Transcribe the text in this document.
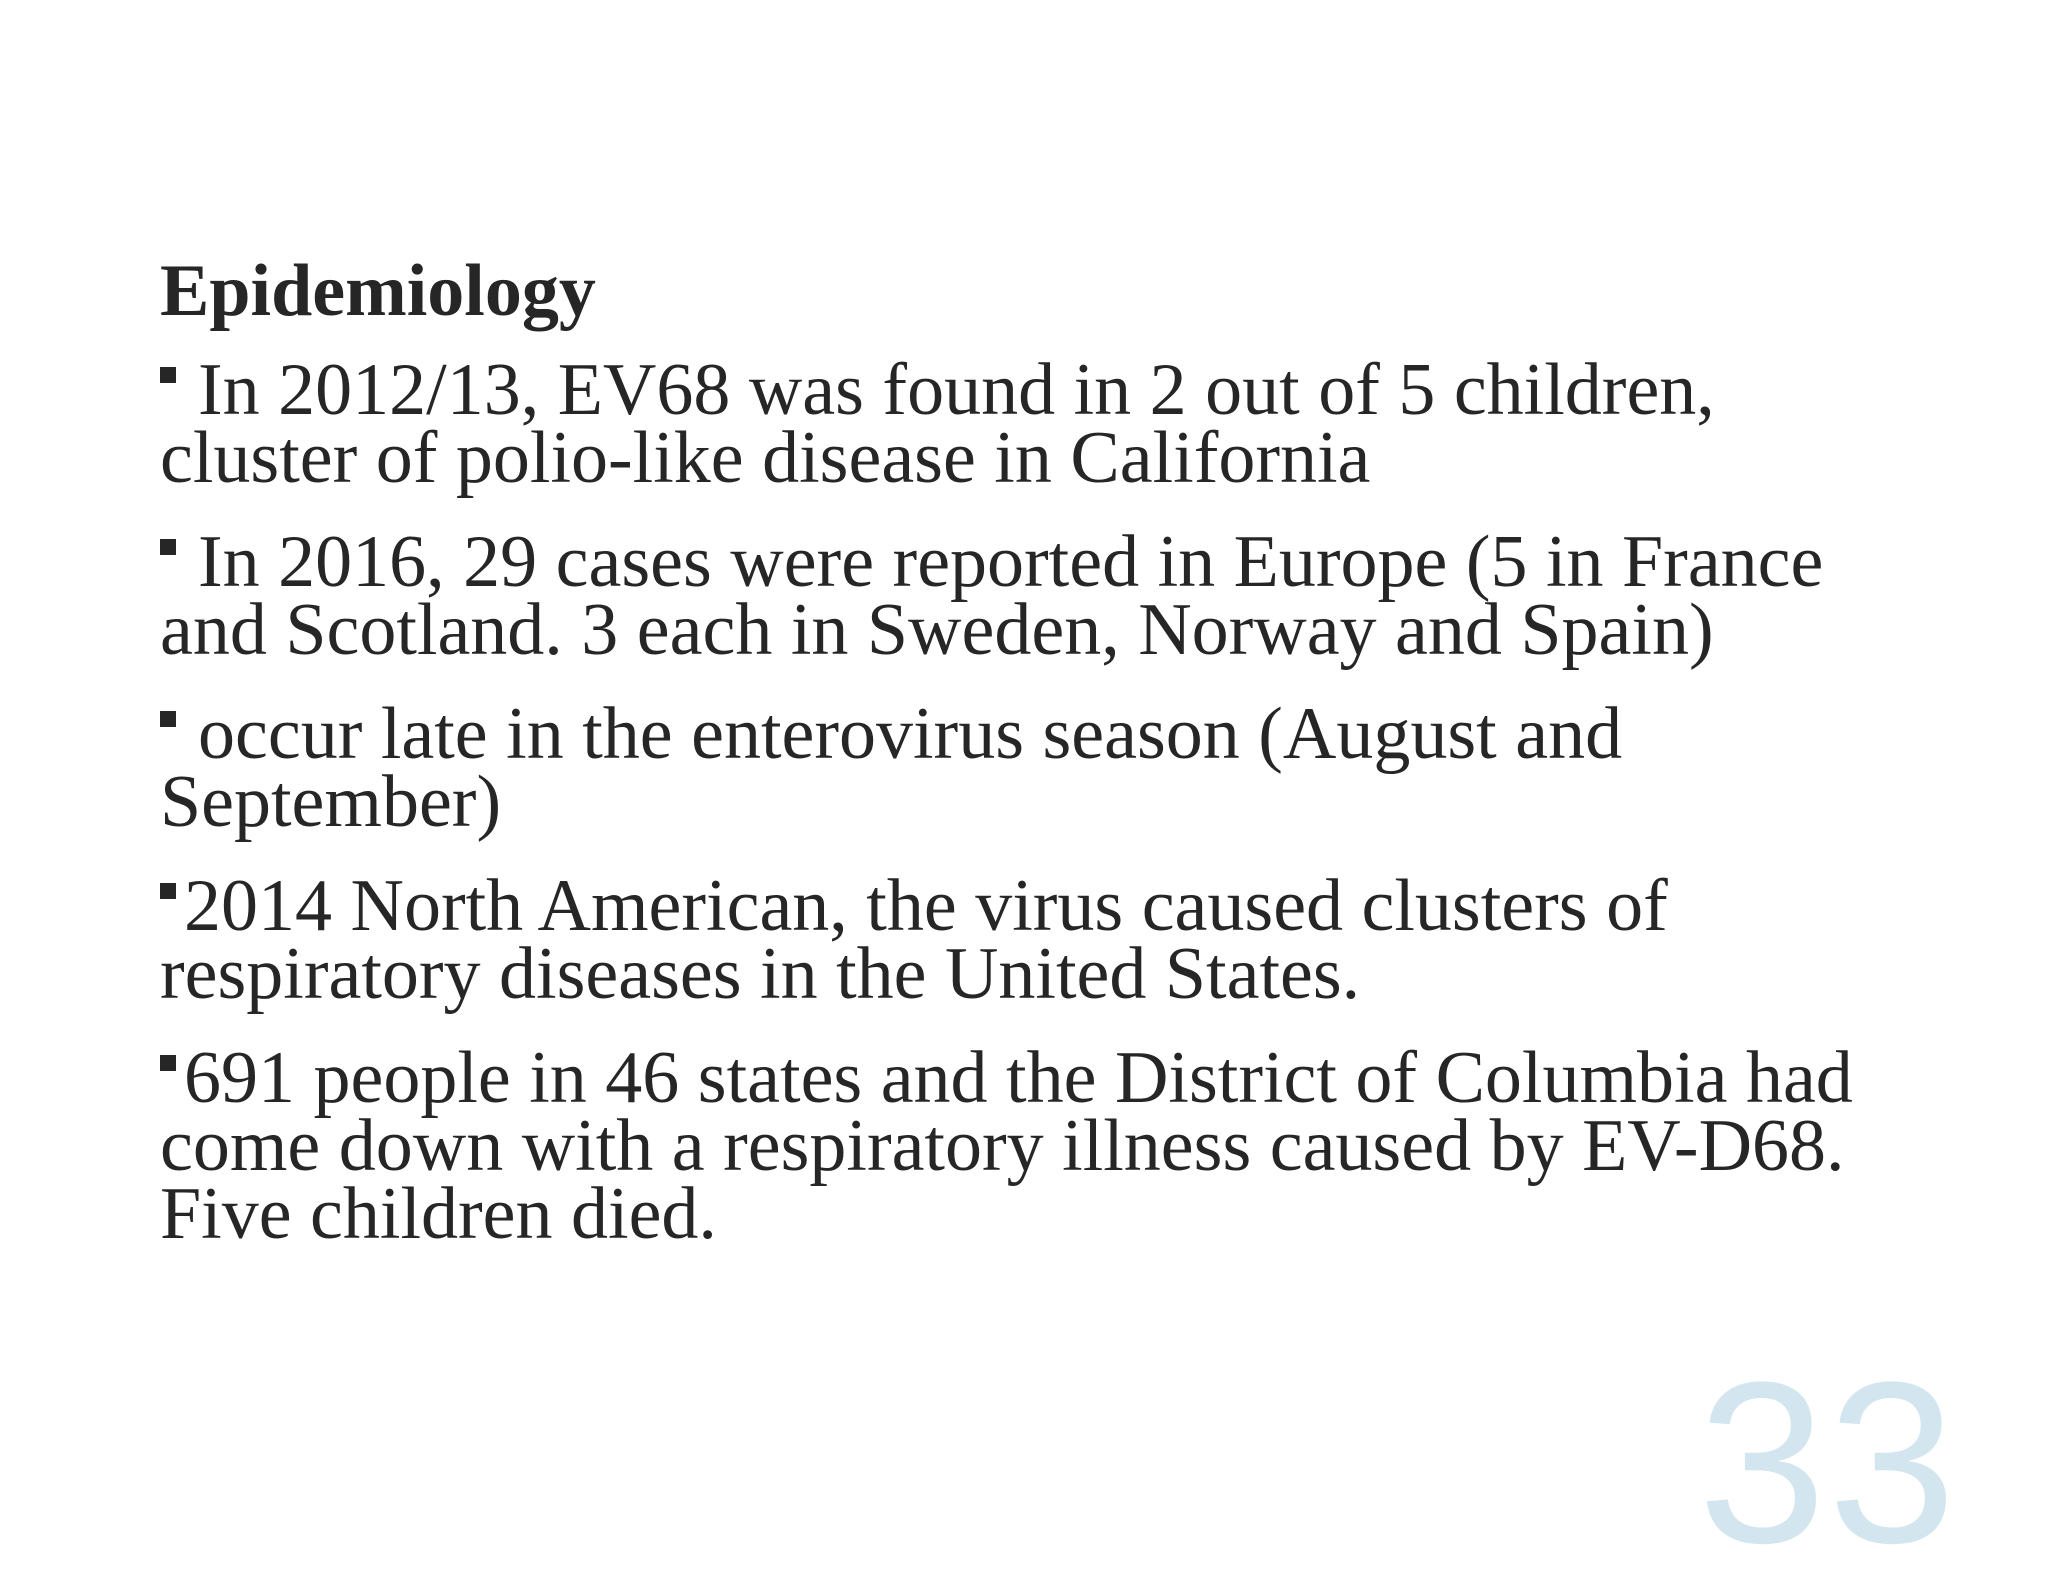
Epidemiology
In 2012/13, EV68 was found in 2 out of 5 children, cluster of polio-like disease in California
In 2016, 29 cases were reported in Europe (5 in France and Scotland. 3 each in Sweden, Norway and Spain)
occur late in the enterovirus season (August and September)
2014 North American, the virus caused clusters of respiratory diseases in the United States.
691 people in 46 states and the District of Columbia had come down with a respiratory illness caused by EV-D68. Five children died.
33
